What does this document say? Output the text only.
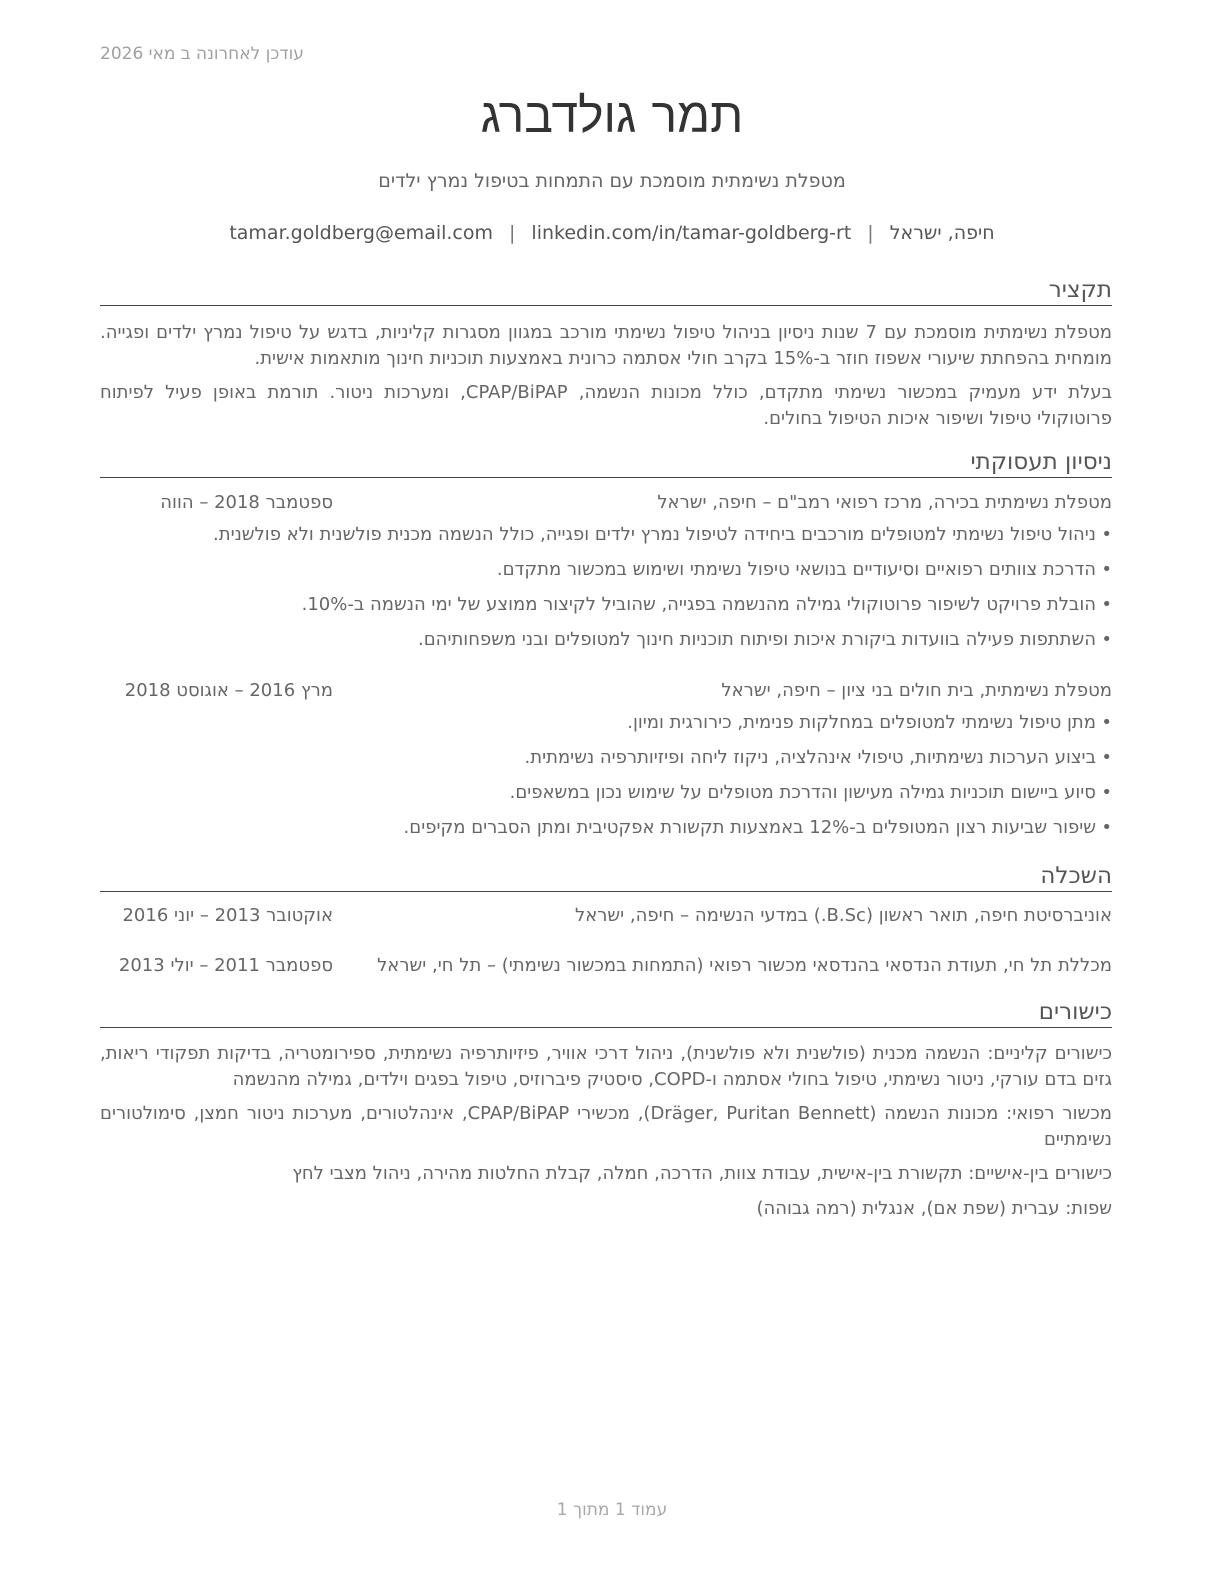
עודכן לאחרונה ב מאי 2026
תמר גולדברג
מטפלת נשימתית מוסמכת עם התמחות בטיפול נמרץ ילדים
חיפה, ישראל|tamar.goldberg@email.com | linkedin.com/in/tamar-goldberg-rt
תקציר
מטפלת נשימתית מוסמכת עם 7 שנות ניסיון בניהול טיפול נשימתי מורכב במגוון מסגרות קליניות, בדגש על טיפול נמרץ ילדים ופגייה. מומחית בהפחתת שיעורי אשפוז חוזר ב-15% בקרב חולי אסתמה כרונית באמצעות תוכניות חינוך מותאמות אישית.
בעלת ידע מעמיק במכשור נשימתי מתקדם, כולל מכונות הנשמה, CPAP/BiPAP, ומערכות ניטור. תורמת באופן פעיל לפיתוח פרוטוקולי טיפול ושיפור איכות הטיפול בחולים.
ניסיון תעסוקתי
מטפלת נשימתית בכירה, מרכז רפואי רמב"ם – חיפה, ישראל
ספטמבר 2018 – הווה
• ניהול טיפול נשימתי למטופלים מורכבים ביחידה לטיפול נמרץ ילדים ופגייה, כולל הנשמה מכנית פולשנית ולא פולשנית.
• הדרכת צוותים רפואיים וסיעודיים בנושאי טיפול נשימתי ושימוש במכשור מתקדם.
• הובלת פרויקט לשיפור פרוטוקולי גמילה מהנשמה בפגייה, שהוביל לקיצור ממוצע של ימי הנשמה ב-10%.
• השתתפות פעילה בוועדות ביקורת איכות ופיתוח תוכניות חינוך למטופלים ובני משפחותיהם.
מטפלת נשימתית, בית חולים בני ציון – חיפה, ישראל
מרץ 2016 – אוגוסט 2018
• מתן טיפול נשימתי למטופלים במחלקות פנימית, כירורגית ומיון.
• ביצוע הערכות נשימתיות, טיפולי אינהלציה, ניקוז ליחה ופיזיותרפיה נשימתית.
• סיוע ביישום תוכניות גמילה מעישון והדרכת מטופלים על שימוש נכון במשאפים.
• שיפור שביעות רצון המטופלים ב-12% באמצעות תקשורת אפקטיבית ומתן הסברים מקיפים.
השכלה
אוניברסיטת חיפה, תואר ראשון (B.Sc.) במדעי הנשימה – חיפה, ישראל
אוקטובר 2013 – יוני 2016
מכללת תל חי, תעודת הנדסאי בהנדסאי מכשור רפואי (התמחות במכשור נשימתי) – תל חי, ישראל
ספטמבר 2011 – יולי 2013
כישורים
כישורים קליניים: הנשמה מכנית (פולשנית ולא פולשנית), ניהול דרכי אוויר, פיזיותרפיה נשימתית, ספירומטריה, בדיקות תפקודי ריאות, גזים בדם עורקי, ניטור נשימתי, טיפול בחולי אסתמה ו-COPD, סיסטיק פיברוזיס, טיפול בפגים וילדים, גמילה מהנשמה
מכשור רפואי: מכונות הנשמה (Dräger, Puritan Bennett), מכשירי CPAP/BiPAP, אינהלטורים, מערכות ניטור חמצן, סימולטורים נשימתיים
כישורים בין-אישיים: תקשורת בין-אישית, עבודת צוות, הדרכה, חמלה, קבלת החלטות מהירה, ניהול מצבי לחץ
שפות: עברית (שפת אם), אנגלית (רמה גבוהה)
עמוד 1 מתוך 1
